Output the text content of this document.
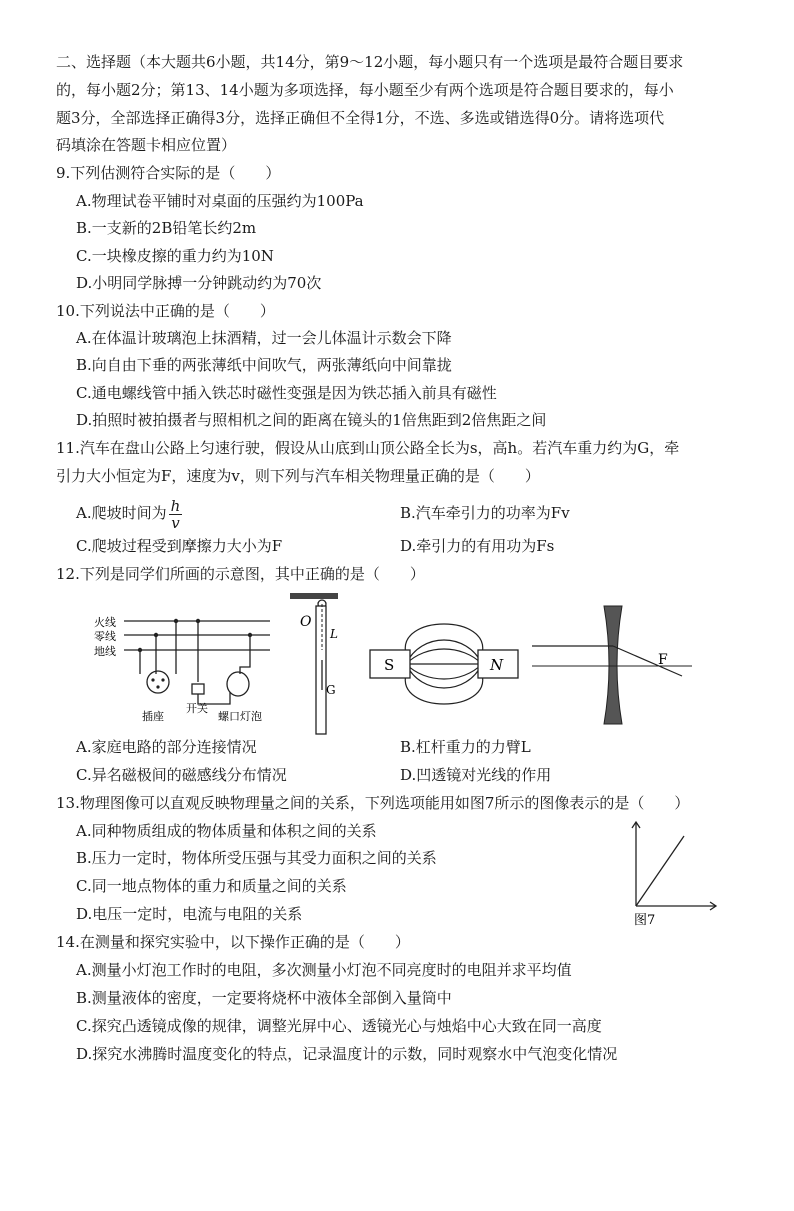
二、选择题（本大题共6小题，共14分，第9～12小题，每小题只有一个选项是最符合题目要求
的，每小题2分；第13、14小题为多项选择，每小题至少有两个选项是符合题目要求的，每小
题3分，全部选择正确得3分，选择正确但不全得1分，不选、多选或错选得0分。请将选项代
码填涂在答题卡相应位置）
9.下列估测符合实际的是（　　）
A.物理试卷平铺时对桌面的压强约为100Pa
B.一支新的2B铅笔长约2m
C.一块橡皮擦的重力约为10N
D.小明同学脉搏一分钟跳动约为70次
10.下列说法中正确的是（　　）
A.在体温计玻璃泡上抹酒精，过一会儿体温计示数会下降
B.向自由下垂的两张薄纸中间吹气，两张薄纸向中间靠拢
C.通电螺线管中插入铁芯时磁性变强是因为铁芯插入前具有磁性
D.拍照时被拍摄者与照相机之间的距离在镜头的1倍焦距到2倍焦距之间
11.汽车在盘山公路上匀速行驶，假设从山底到山顶公路全长为s，高h。若汽车重力约为G，牵
引力大小恒定为F，速度为v，则下列与汽车相关物理量正确的是（　　）
A.爬坡时间为 $\frac{h}{v}$	B.汽车牵引力的功率为Fv
C.爬坡过程受到摩擦力大小为F	D.牵引力的有用功为Fs
12.下列是同学们所画的示意图，其中正确的是（　　）
火线
零线
地线
插座
开关
螺口灯泡
O
L
G
S	N	F
A.家庭电路的部分连接情况	B.杠杆重力的力臂L
C.异名磁极间的磁感线分布情况	D.凹透镜对光线的作用
13.物理图像可以直观反映物理量之间的关系，下列选项能用如图7所示的图像表示的是（　　）
A.同种物质组成的物体质量和体积之间的关系
B.压力一定时，物体所受压强与其受力面积之间的关系
C.同一地点物体的重力和质量之间的关系
D.电压一定时，电流与电阻的关系	图7
14.在测量和探究实验中，以下操作正确的是（　　）
A.测量小灯泡工作时的电阻，多次测量小灯泡不同亮度时的电阻并求平均值
B.测量液体的密度，一定要将烧杯中液体全部倒入量筒中
C.探究凸透镜成像的规律，调整光屏中心、透镜光心与烛焰中心大致在同一高度
D.探究水沸腾时温度变化的特点，记录温度计的示数，同时观察水中气泡变化情况
